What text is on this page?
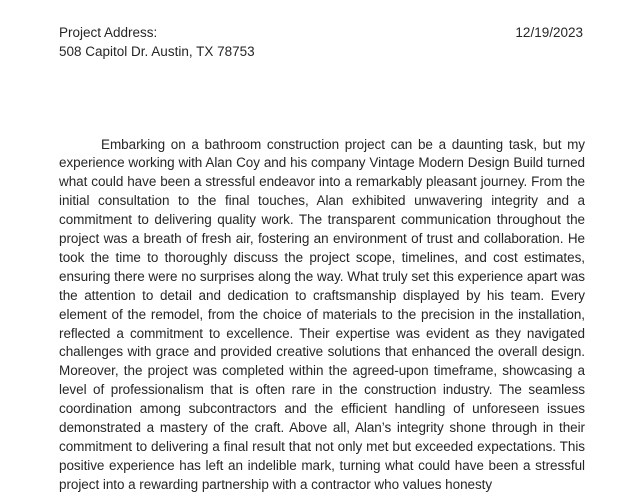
Project Address:
508 Capitol Dr. Austin, TX 78753
12/19/2023

Embarking on a bathroom construction project can be a daunting task, but my experience working with Alan Coy and his company Vintage Modern Design Build turned what could have been a stressful endeavor into a remarkably pleasant journey. From the initial consultation to the final touches, Alan exhibited unwavering integrity and a commitment to delivering quality work. The transparent communication throughout the project was a breath of fresh air, fostering an environment of trust and collaboration. He took the time to thoroughly discuss the project scope, timelines, and cost estimates, ensuring there were no surprises along the way. What truly set this experience apart was the attention to detail and dedication to craftsmanship displayed by his team. Every element of the remodel, from the choice of materials to the precision in the installation, reflected a commitment to excellence. Their expertise was evident as they navigated challenges with grace and provided creative solutions that enhanced the overall design. Moreover, the project was completed within the agreed-upon timeframe, showcasing a level of professionalism that is often rare in the construction industry. The seamless coordination among subcontractors and the efficient handling of unforeseen issues demonstrated a mastery of the craft. Above all, Alan’s integrity shone through in their commitment to delivering a final result that not only met but exceeded expectations. This positive experience has left an indelible mark, turning what could have been a stressful project into a rewarding partnership with a contractor who values honesty
